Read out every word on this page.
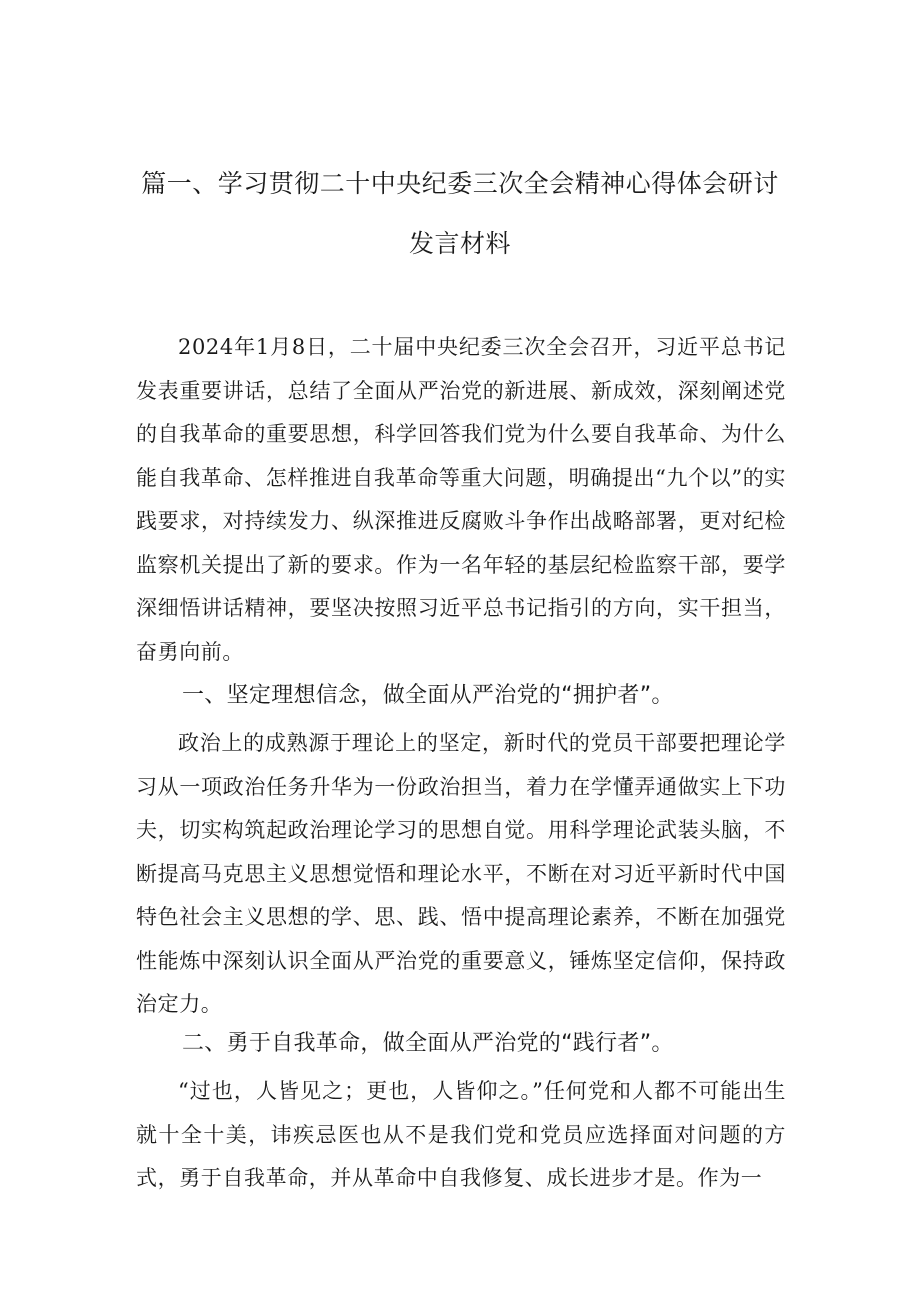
篇一、学习贯彻二十中央纪委三次全会精神心得体会研讨
发言材料

2024年1月8日，二十届中央纪委三次全会召开，习近平总书记发表重要讲话，总结了全面从严治党的新进展、新成效，深刻阐述党的自我革命的重要思想，科学回答我们党为什么要自我革命、为什么能自我革命、怎样推进自我革命等重大问题，明确提出“九个以”的实践要求，对持续发力、纵深推进反腐败斗争作出战略部署，更对纪检监察机关提出了新的要求。作为一名年轻的基层纪检监察干部，要学深细悟讲话精神，要坚决按照习近平总书记指引的方向，实干担当，奋勇向前。

一、坚定理想信念，做全面从严治党的“拥护者”。

政治上的成熟源于理论上的坚定，新时代的党员干部要把理论学习从一项政治任务升华为一份政治担当，着力在学懂弄通做实上下功夫，切实构筑起政治理论学习的思想自觉。用科学理论武装头脑，不断提高马克思主义思想觉悟和理论水平，不断在对习近平新时代中国特色社会主义思想的学、思、践、悟中提高理论素养，不断在加强党性能炼中深刻认识全面从严治党的重要意义，锤炼坚定信仰，保持政治定力。

二、勇于自我革命，做全面从严治党的“践行者”。

“过也，人皆见之；更也，人皆仰之。”任何党和人都不可能出生就十全十美，讳疾忌医也从不是我们党和党员应选择面对问题的方式，勇于自我革命，并从革命中自我修复、成长进步才是。作为一
